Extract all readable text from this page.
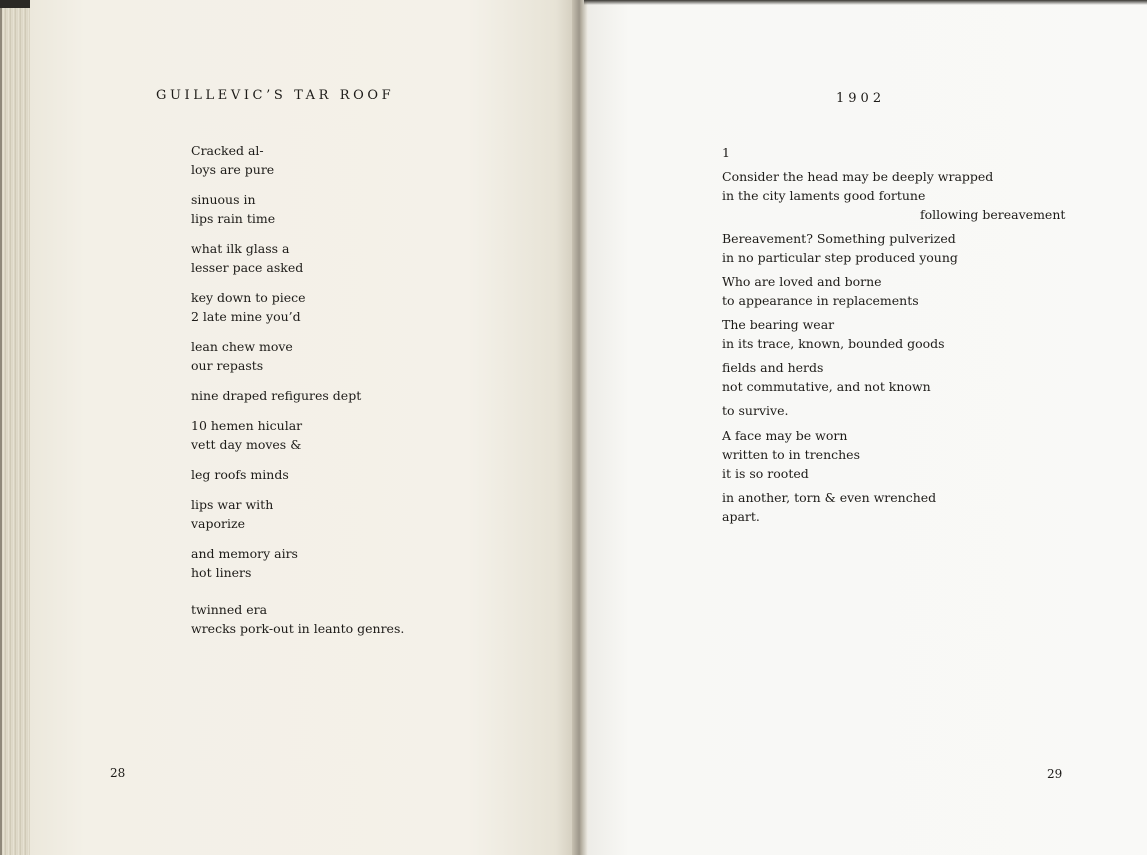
GUILLEVIC’S TAR ROOF
Cracked al-
loys are pure
sinuous in
lips rain time
what ilk glass a
lesser pace asked
key down to piece
2 late mine you’d
lean chew move
our repasts
nine draped refigures dept
10 hemen hicular
vett day moves &
leg roofs minds
lips war with
vaporize
and memory airs
hot liners
twinned era
wrecks pork-out in leanto genres.
28
1902
1
Consider the head may be deeply wrapped
in the city laments good fortune
following bereavement
Bereavement? Something pulverized
in no particular step produced young
Who are loved and borne
to appearance in replacements
The bearing wear
in its trace, known, bounded goods
fields and herds
not commutative, and not known
to survive.
A face may be worn
written to in trenches
it is so rooted
in another, torn & even wrenched
apart.
29
